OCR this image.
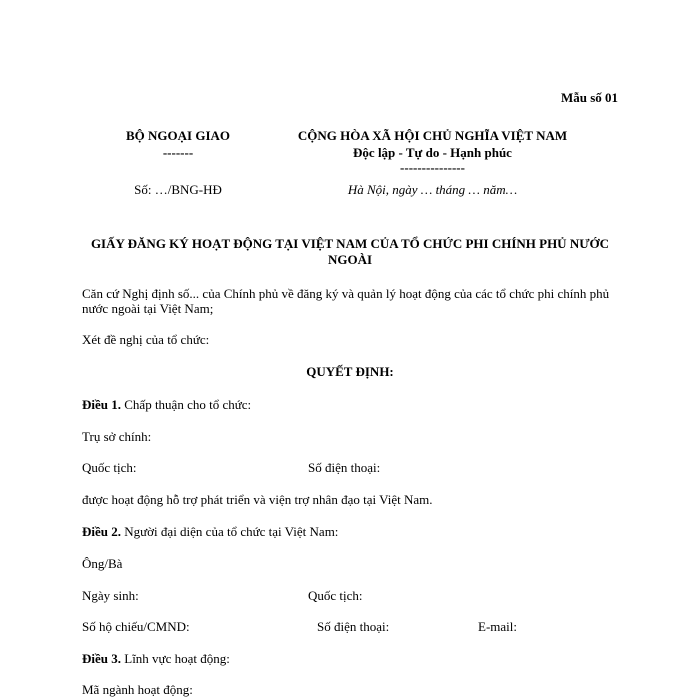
Mẫu số 01
BỘ NGOẠI GIAO
-------
CỘNG HÒA XÃ HỘI CHỦ NGHĨA VIỆT NAM
Độc lập - Tự do - Hạnh phúc
---------------
Số: …/BNG-HĐ	Hà Nội, ngày … tháng … năm…
GIẤY ĐĂNG KÝ HOẠT ĐỘNG TẠI VIỆT NAM CỦA TỔ CHỨC PHI CHÍNH PHỦ NƯỚC NGOÀI
Căn cứ Nghị định số... của Chính phủ về đăng ký và quản lý hoạt động của các tổ chức phi chính phủ nước ngoài tại Việt Nam;
Xét đề nghị của tổ chức:
QUYẾT ĐỊNH:
Điều 1. Chấp thuận cho tổ chức:
Trụ sở chính:
Quốc tịch:	Số điện thoại:
được hoạt động hỗ trợ phát triển và viện trợ nhân đạo tại Việt Nam.
Điều 2. Người đại diện của tổ chức tại Việt Nam:
Ông/Bà
Ngày sinh:	Quốc tịch:
Số hộ chiếu/CMND:	Số điện thoại:	E-mail:
Điều 3. Lĩnh vực hoạt động:
Mã ngành hoạt động:
